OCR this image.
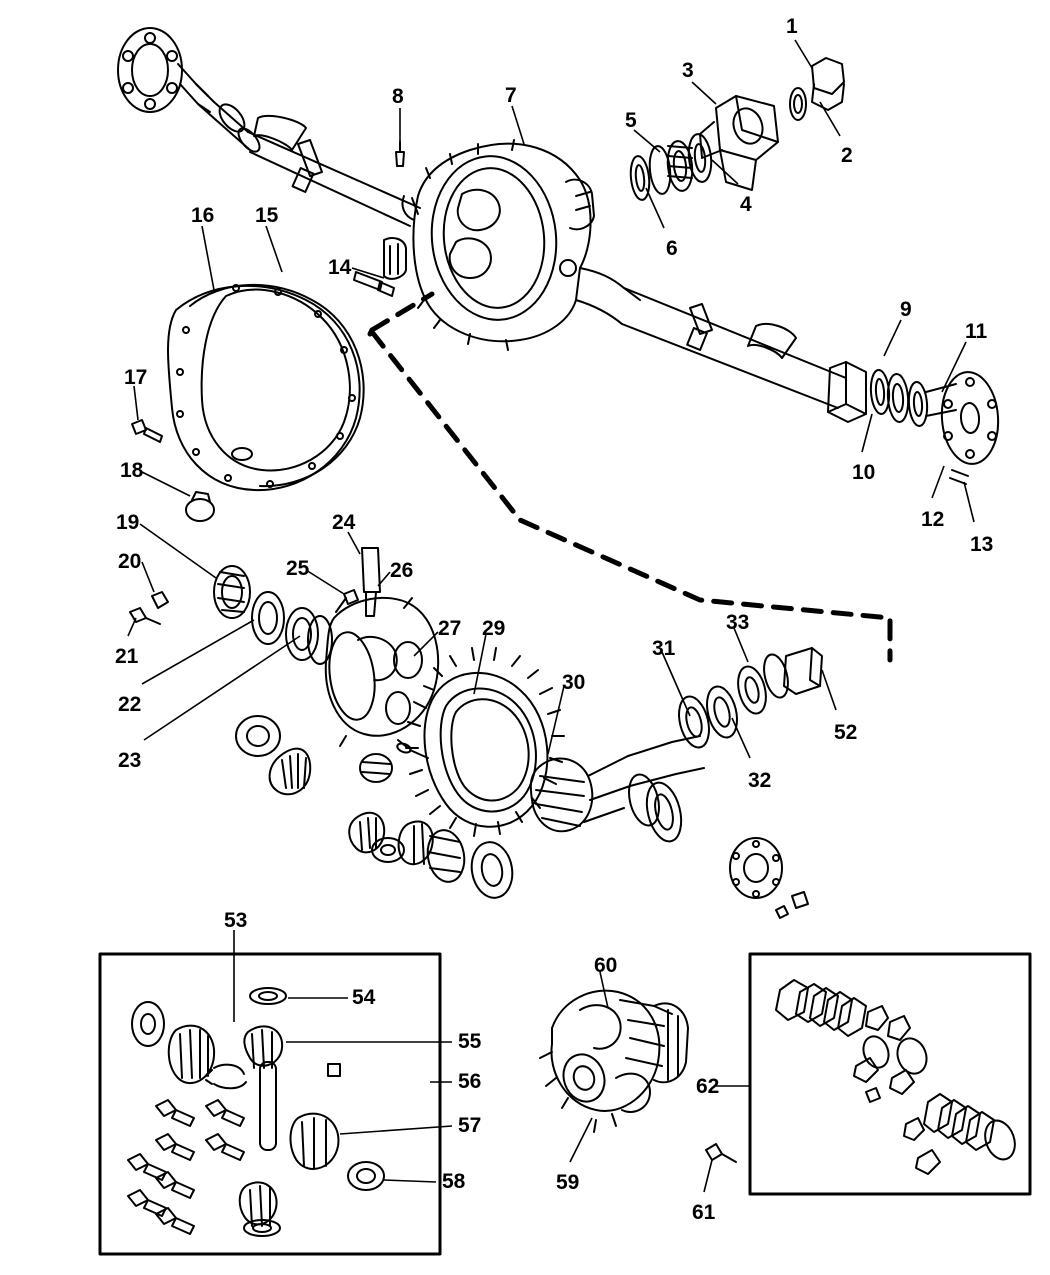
1
2
3
4
5
6
7
8
9
10
11
12
13
14
15
16
17
18
19
20
21
22
23
24
25	26
27 29
30
31
32
33
52
53
54
55
56
57
58	59
60
61
62
